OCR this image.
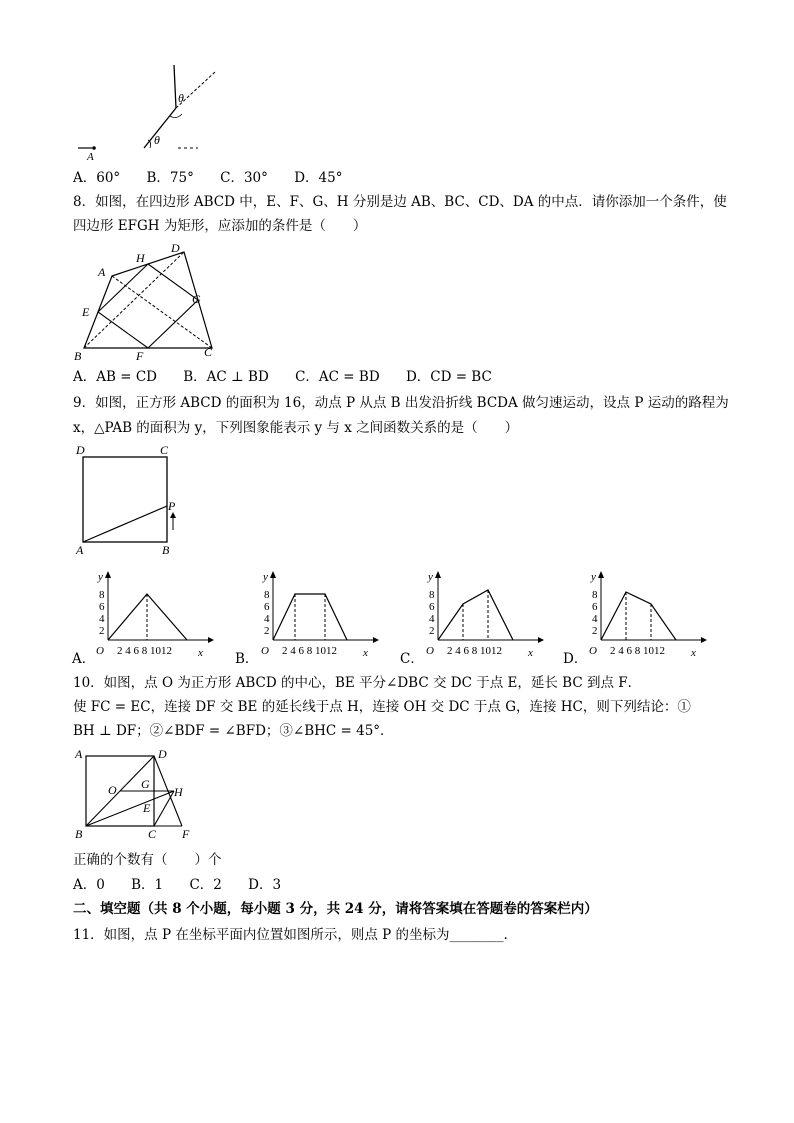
θ
θ
A
A．60° B．75° C．30° D．45°
8．如图，在四边形 ABCD 中，E、F、G、H 分别是边 AB、BC、CD、DA 的中点．请你添加一个条件，使
四边形 EFGH 为矩形，应添加的条件是（　　）
A
H
D
G
E
B	F	C
A．AB = CD B．AC ⊥ BD C．AC = BD D．CD = BC
9．如图，正方形 ABCD 的面积为 16，动点 P 从点 B 出发沿折线 BCDA 做匀速运动，设点 P 运动的路程为
x，△PAB 的面积为 y，下列图象能表示 y 与 x 之间函数关系的是（　　）
D	C
P
A	B
A．	B．	C．	D．
y
x
O
8
6
4
2
2 4 6 8 1012
y
x
O
8
6
4
2
2 4 6 8 1012
y
x
O
8
6
4
2
2 4 6 8 1012
y
x
O
8
6
4
2
2 4 6 8 1012
10．如图，点 O 为正方形 ABCD 的中心，BE 平分∠DBC 交 DC 于点 E，延长 BC 到点 F．
使 FC = EC，连接 DF 交 BE 的延长线于点 H，连接 OH 交 DC 于点 G，连接 HC，则下列结论：①
BH ⊥ DF；②∠BDF = ∠BFD；③∠BHC = 45°．
A	D
O G
H
E
B	C F
正确的个数有（　　）个
A．0 B．1 C．2 D．3
二、填空题（共 8 个小题，每小题 3 分，共 24 分，请将答案填在答题卷的答案栏内）
11．如图，点 P 在坐标平面内位置如图所示，则点 P 的坐标为________.
